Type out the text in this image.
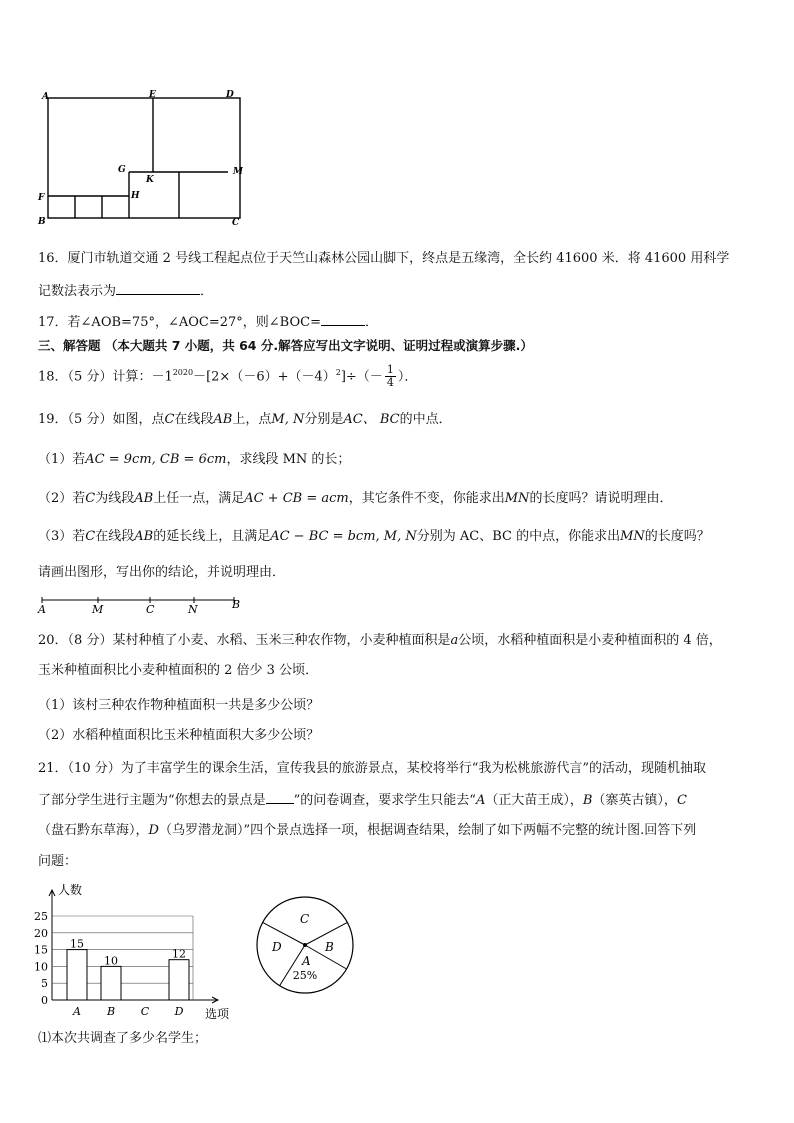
A	E	D
G
K
M
F	H
B	C
16．厦门市轨道交通 2 号线工程起点位于天竺山森林公园山脚下，终点是五缘湾，全长约 41600 米．将 41600 用科学
记数法表示为	．
17．若∠AOB=75°，∠AOC=27°，则∠BOC=	．
三、解答题 （本大题共 7 小题，共 64 分.解答应写出文字说明、证明过程或演算步骤.）
18．（5 分）计算：$-1^{2020}-[2\times(-6)+(-4)^2]\div(- \frac{1}{4}$ ）．
19．（5 分）如图，点C在线段AB上，点M, N分别是AC、 BC的中点．
（1）若AC = 9cm, CB = 6cm，求线段 MN 的长；
（2）若C为线段AB上任一点，满足AC + CB = acm，其它条件不变，你能求出MN的长度吗？请说明理由．
（3）若C在线段AB的延长线上，且满足AC − BC = bcm, M, N分别为 AC、BC 的中点，你能求出MN的长度吗？
请画出图形，写出你的结论，并说明理由．
A	M	C	N	B
20．（8 分）某村种植了小麦、水稻、玉米三种农作物，小麦种植面积是a公顷，水稻种植面积是小麦种植面积的 4 倍，
玉米种植面积比小麦种植面积的 2 倍少 3 公顷．
（1）该村三种农作物种植面积一共是多少公顷？
（2）水稻种植面积比玉米种植面积大多少公顷？
21．（10 分）为了丰富学生的课余生活，宣传我县的旅游景点，某校将举行“我为松桃旅游代言”的活动，现随机抽取
了部分学生进行主题为“你想去的景点是 ”的问卷调查，要求学生只能去“A（正大苗王成），B（寨英古镇），C
（盘石黔东草海），D（乌罗潜龙洞）”四个景点选择一项，根据调查结果，绘制了如下两幅不完整的统计图.回答下列
问题：
0
5
10
15
20
25
人数
选项
15
A
10
B C
12
D
C
D
A
B
25%
⑴本次共调查了多少名学生；
